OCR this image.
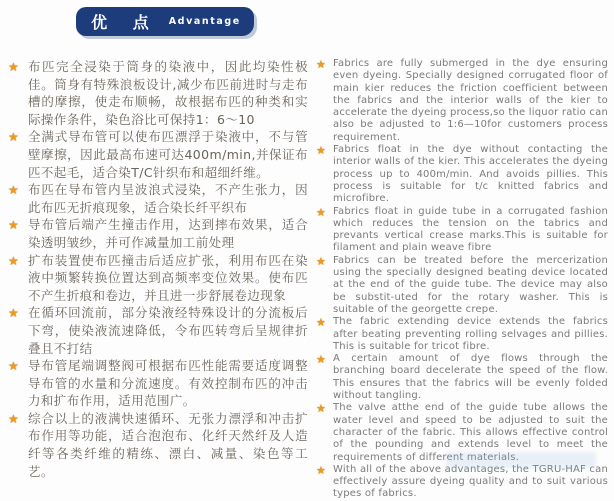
优 点 Advantage
★ 布匹完全浸染于筒身的染液中，因此均染性极佳。筒身有特殊浪板设计,减少布匹前进时与走布槽的摩擦，使走布顺畅，故根据布匹的种类和实际操作条件，染色浴比可保持1：6～10
★ 全满式导布管可以使布匹漂浮于染液中，不与管壁摩擦，因此最高布速可达400m/min,并保证布匹不起毛，适合染T/C针织布和超细纤维。
★ 布匹在导布管内呈波浪式浸染，不产生张力，因此布匹无折痕现象，适合染长纤平织布
★ 导布管后端产生撞击作用，达到摔布效果，适合染透明皱纱，并可作减量加工前处理
★ 扩布装置使布匹撞击后适应扩张，利用布匹在染液中频繁转换位置达到高频率变位效果。使布匹不产生折痕和卷边，并且进一步舒展卷边现象
★ 在循环回流前，部分染液经特殊设计的分流板后下弯，使染液流速降低，令布匹转弯后呈规律折叠且不打结
★ 导布管尾端调整阀可根据布匹性能需要适度调整导布管的水量和分流速度。有效控制布匹的冲击力和扩布作用，适用范围广。
★ 综合以上的液满快速循环、无张力漂浮和冲击扩布作用等功能，适合泡泡布、化纤天然纤及人造纤等各类纤维的精练、漂白、减量、染色等工艺。
★ Fabrics are fully submerged in the dye ensuring even dyeing. Specially designed corrugated floor of main kier reduces the friction coefficient between the fabrics and the interior walls of the kier to accelerate the dyeing process,so the liquor ratio can also be adjusted to 1:6—10for customers process requirement.
★ Fabrics float in the dye without contacting the interior walls of the kier. This accelerates the dyeing process up to 400m/min. And avoids pillies. This process is suitable for t/c knitted fabrics and microfibre.
★ Fabrics float in guide tube in a corrugated fashion which reduces the tension on the tabrics and prevants vertical crease marks.This is suitable for filament and plain weave fibre
★ Fabrics can be treated before the mercerization using the specially designed beating device located at the end of the guide tube. The device may also be substit-uted for the rotary washer. This is suitable of the georgette crepe.
★ The fabric extending device extends the fabrics after beating preventing rolling selvages and pillies. This is suitable for tricot fibre.
★ A certain amount of dye flows through the branching board decelerate the speed of the flow. This ensures that the fabrics will be evenly folded without tangling.
★ The valve atthe end of the guide tube allows the water level and speed to be adjusted to suit the character of the fabric. This allows effective control of the pounding and extends level to meet the requirements of different materials.
★ With all of the above advantages, the TGRU-HAF can effectively assure dyeing quality and to suit various types of fabrics.
